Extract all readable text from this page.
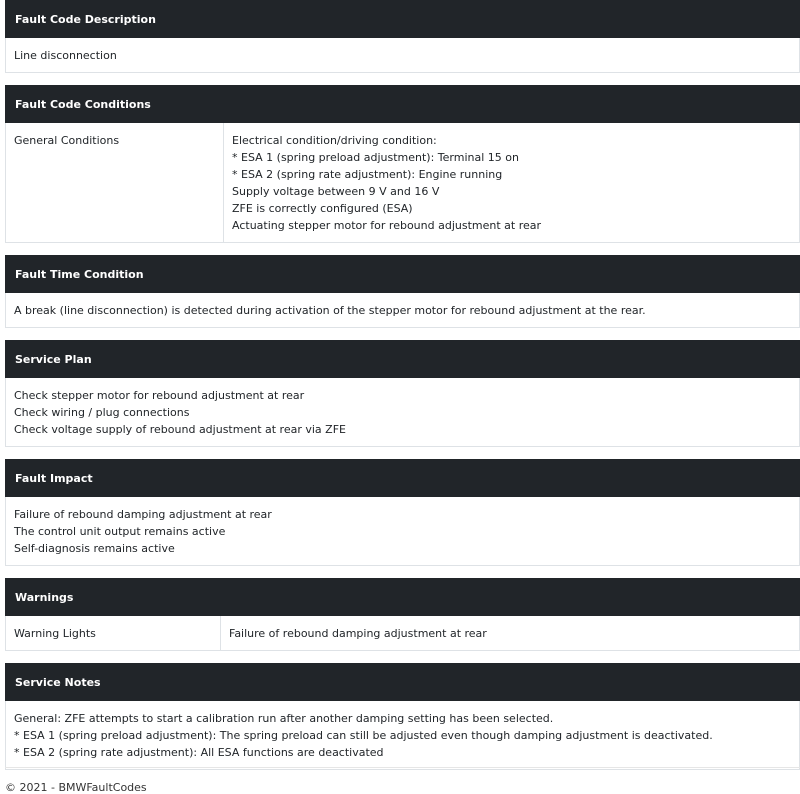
Fault Code Description
Line disconnection
Fault Code Conditions
General Conditions	Electrical condition/driving condition:
* ESA 1 (spring preload adjustment): Terminal 15 on
* ESA 2 (spring rate adjustment): Engine running
Supply voltage between 9 V and 16 V
ZFE is correctly configured (ESA)
Actuating stepper motor for rebound adjustment at rear
Fault Time Condition
A break (line disconnection) is detected during activation of the stepper motor for rebound adjustment at the rear.
Service Plan

Check stepper motor for rebound adjustment at rear
Check wiring / plug connections
Check voltage supply of rebound adjustment at rear via ZFE
Fault Impact

Failure of rebound damping adjustment at rear
The control unit output remains active
Self-diagnosis remains active
Warnings
Warning Lights	Failure of rebound damping adjustment at rear
Service Notes

General: ZFE attempts to start a calibration run after another damping setting has been selected.
* ESA 1 (spring preload adjustment): The spring preload can still be adjusted even though damping adjustment is deactivated.
* ESA 2 (spring rate adjustment): All ESA functions are deactivated
© 2021 - BMWFaultCodes
